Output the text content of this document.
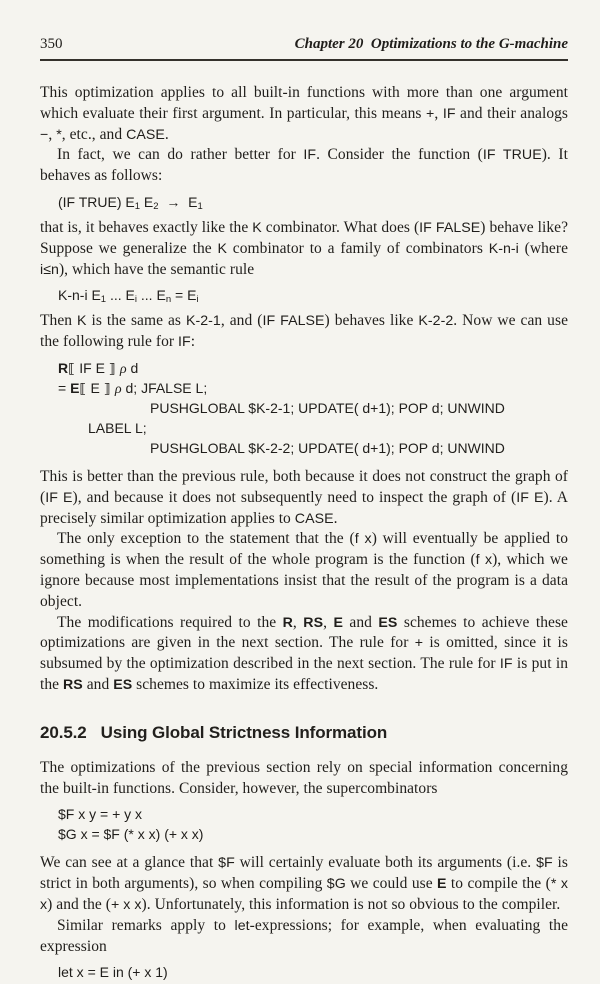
350	Chapter 20  Optimizations to the G-machine

This optimization applies to all built-in functions with more than one argument which evaluate their first argument. In particular, this means +, IF and their analogs −, *, etc., and CASE.

In fact, we can do rather better for IF. Consider the function (IF TRUE). It behaves as follows:

(IF TRUE) $E_1$ $E_2 \to E_1$

that is, it behaves exactly like the K combinator. What does (IF FALSE) behave like? Suppose we generalize the K combinator to a family of combinators K-n-i (where i≤n), which have the semantic rule

K-n-i $E_1$ ... $E_i$ ... $E_n = E_i$

Then K is the same as K-2-1, and (IF FALSE) behaves like K-2-2. Now we can use the following rule for IF:

R⟦ IF E ⟧ ρ d
= E⟦ E ⟧ ρ d; JFALSE L;
PUSHGLOBAL $K-2-1; UPDATE( d+1); POP d; UNWIND
LABEL L;
PUSHGLOBAL $K-2-2; UPDATE( d+1); POP d; UNWIND

This is better than the previous rule, both because it does not construct the graph of (IF E), and because it does not subsequently need to inspect the graph of (IF E). A precisely similar optimization applies to CASE.

The only exception to the statement that the (f x) will eventually be applied to something is when the result of the whole program is the function (f x), which we ignore because most implementations insist that the result of the program is a data object.

The modifications required to the R, RS, E and ES schemes to achieve these optimizations are given in the next section. The rule for + is omitted, since it is subsumed by the optimization described in the next section. The rule for IF is put in the RS and ES schemes to maximize its effectiveness.

20.5.2 Using Global Strictness Information

The optimizations of the previous section rely on special information concerning the built-in functions. Consider, however, the supercombinators

$F x y = + y x
$G x = $F (* x x) (+ x x)

We can see at a glance that $F will certainly evaluate both its arguments (i.e. $F is strict in both arguments), so when compiling $G we could use E to compile the (* x x) and the (+ x x). Unfortunately, this information is not so obvious to the compiler.

Similar remarks apply to let-expressions; for example, when evaluating the expression

let x = E in (+ x 1)
